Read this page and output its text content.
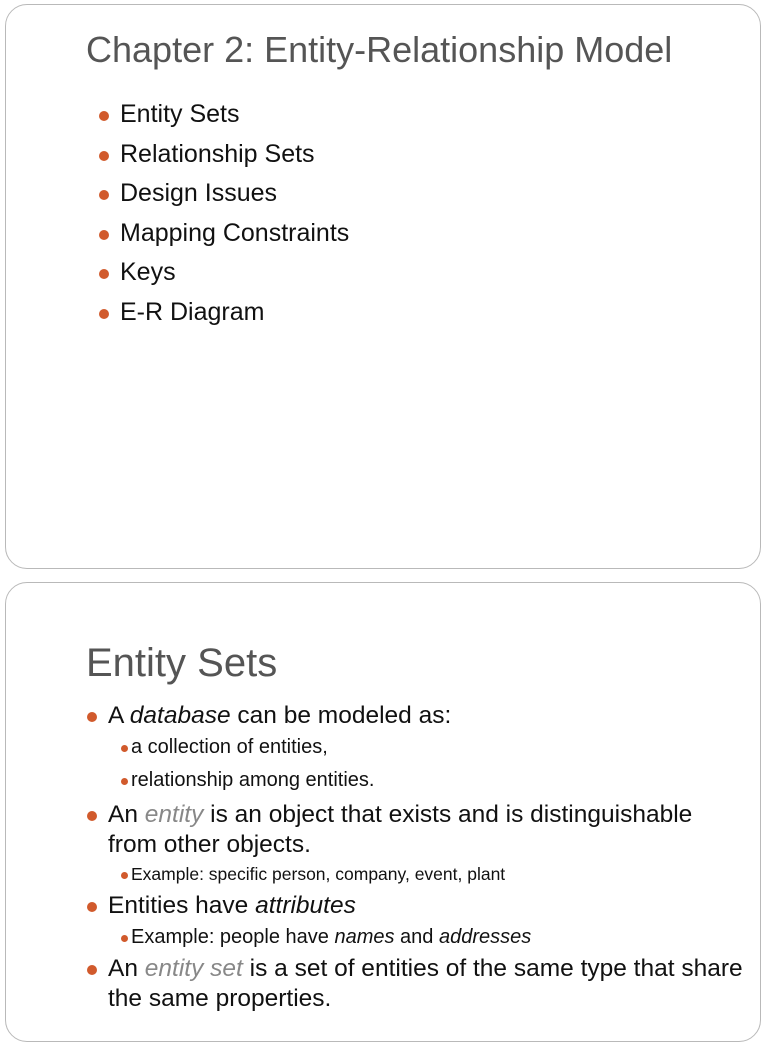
Chapter 2: Entity-Relationship Model
Entity Sets
Relationship Sets
Design Issues
Mapping Constraints
Keys
E-R Diagram
Entity Sets
A database can be modeled as:
a collection of entities,
relationship among entities.
An entity is an object that exists and is distinguishable from other objects.
Example: specific person, company, event, plant
Entities have attributes
Example: people have names and addresses
An entity set is a set of entities of the same type that share the same properties.
